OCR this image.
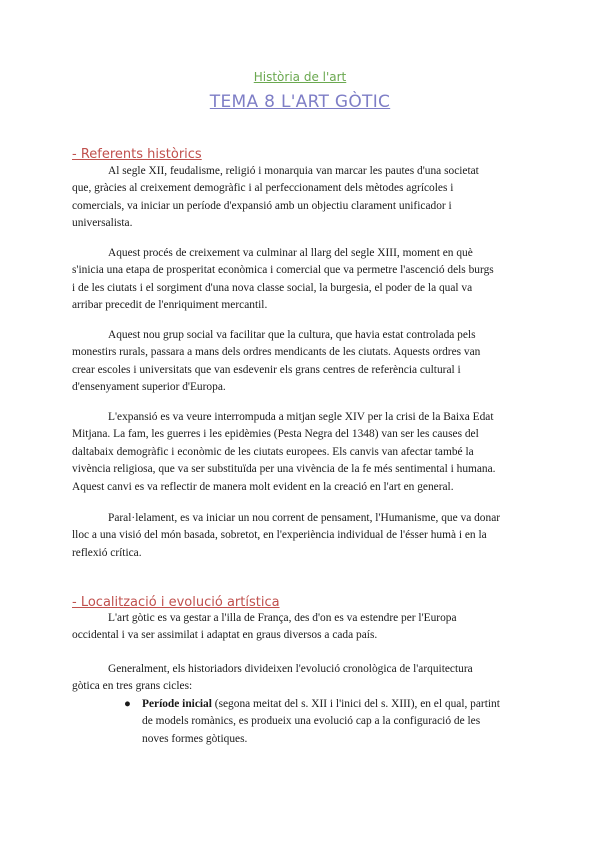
Història de l'art
TEMA 8 L'ART GÒTIC
- Referents històrics
Al segle XII, feudalisme, religió i monarquia van marcar les pautes d'una societat
que, gràcies al creixement demogràfic i al perfeccionament dels mètodes agrícoles i
comercials, va iniciar un període d'expansió amb un objectiu clarament unificador i
universalista.
Aquest procés de creixement va culminar al llarg del segle XIII, moment en què
s'inicia una etapa de prosperitat econòmica i comercial que va permetre l'ascenció dels burgs
i de les ciutats i el sorgiment d'una nova classe social, la burgesia, el poder de la qual va
arribar precedit de l'enriquiment mercantil.
Aquest nou grup social va facilitar que la cultura, que havia estat controlada pels
monestirs rurals, passara a mans dels ordres mendicants de les ciutats. Aquests ordres van
crear escoles i universitats que van esdevenir els grans centres de referència cultural i
d'ensenyament superior d'Europa.
L'expansió es va veure interrompuda a mitjan segle XIV per la crisi de la Baixa Edat
Mitjana. La fam, les guerres i les epidèmies (Pesta Negra del 1348) van ser les causes del
daltabaix demogràfic i econòmic de les ciutats europees. Els canvis van afectar també la
vivència religiosa, que va ser substituïda per una vivència de la fe més sentimental i humana.
Aquest canvi es va reflectir de manera molt evident en la creació en l'art en general.
Paral·lelament, es va iniciar un nou corrent de pensament, l'Humanisme, que va donar
lloc a una visió del món basada, sobretot, en l'experiència individual de l'ésser humà i en la
reflexió crítica.
- Localització i evolució artística
L'art gòtic es va gestar a l'illa de França, des d'on es va estendre per l'Europa
occidental i va ser assimilat i adaptat en graus diversos a cada país.
Generalment, els historiadors divideixen l'evolució cronològica de l'arquitectura
gòtica en tres grans cicles:
● Període inicial (segona meitat del s. XII i l'inici del s. XIII), en el qual, partint
de models romànics, es produeix una evolució cap a la configuració de les
noves formes gòtiques.
